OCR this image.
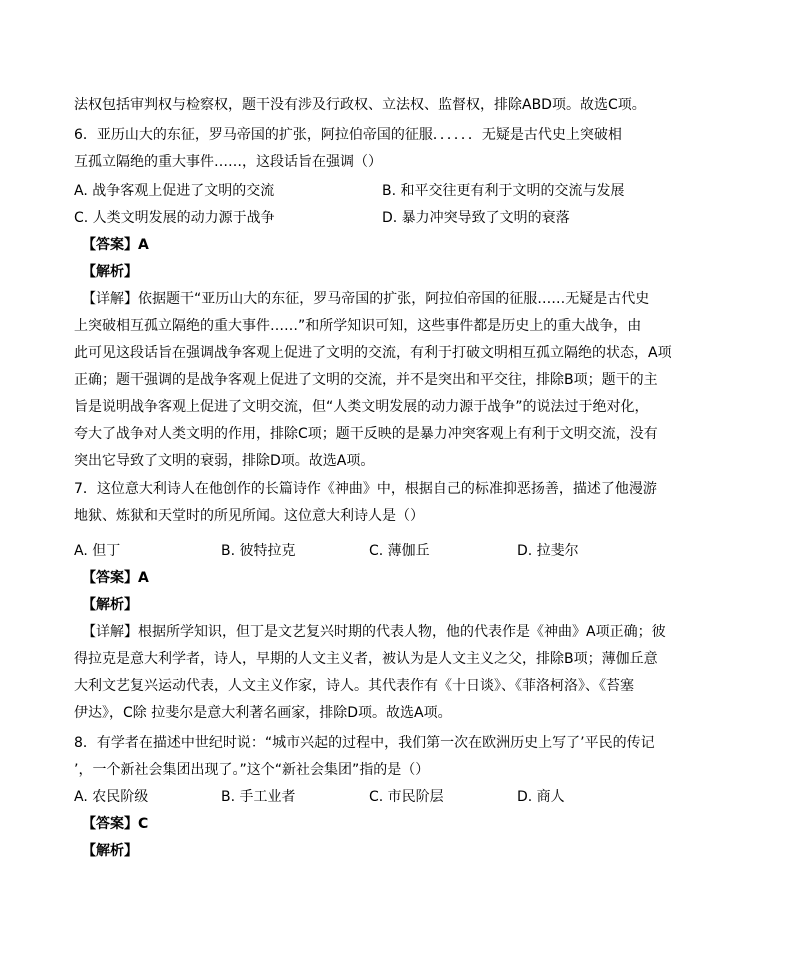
法权包括审判权与检察权，题干没有涉及行政权、立法权、监督权，排除ABD项。故选C项。
6．亚历山大的东征，罗马帝国的扩张，阿拉伯帝国的征服．．．．．．无疑是古代史上突破相
互孤立隔绝的重大事件……，这段话旨在强调（）
A. 战争客观上促进了文明的交流	B. 和平交往更有利于文明的交流与发展
C. 人类文明发展的动力源于战争	D. 暴力冲突导致了文明的衰落
【答案】A
【解析】
【详解】依据题干“亚历山大的东征，罗马帝国的扩张，阿拉伯帝国的征服……无疑是古代史
上突破相互孤立隔绝的重大事件……”和所学知识可知，这些事件都是历史上的重大战争，由
此可见这段话旨在强调战争客观上促进了文明的交流，有利于打破文明相互孤立隔绝的状态，A项
正确；题干强调的是战争客观上促进了文明的交流，并不是突出和平交往，排除B项；题干的主
旨是说明战争客观上促进了文明交流，但“人类文明发展的动力源于战争”的说法过于绝对化，
夸大了战争对人类文明的作用，排除C项；题干反映的是暴力冲突客观上有利于文明交流，没有
突出它导致了文明的衰弱，排除D项。故选A项。
7．这位意大利诗人在他创作的长篇诗作《神曲》中，根据自己的标准抑恶扬善，描述了他漫游
地狱、炼狱和天堂时的所见所闻。这位意大利诗人是（）
A. 但丁	B. 彼特拉克	C. 薄伽丘	D. 拉斐尔
【答案】A
【解析】
【详解】根据所学知识，但丁是文艺复兴时期的代表人物，他的代表作是《神曲》A项正确；彼
得拉克是意大利学者，诗人，早期的人文主义者，被认为是人文主义之父，排除B项；薄伽丘意
大利文艺复兴运动代表，人文主义作家，诗人。其代表作有《十日谈》、《菲洛柯洛》、《苔塞
伊达》，C除 拉斐尔是意大利著名画家，排除D项。故选A项。
8．有学者在描述中世纪时说：“城市兴起的过程中，我们第一次在欧洲历史上写了’平民的传记
’，一个新社会集团出现了。”这个“新社会集团”指的是（）
A. 农民阶级	B. 手工业者	C. 市民阶层	D. 商人
【答案】C
【解析】
